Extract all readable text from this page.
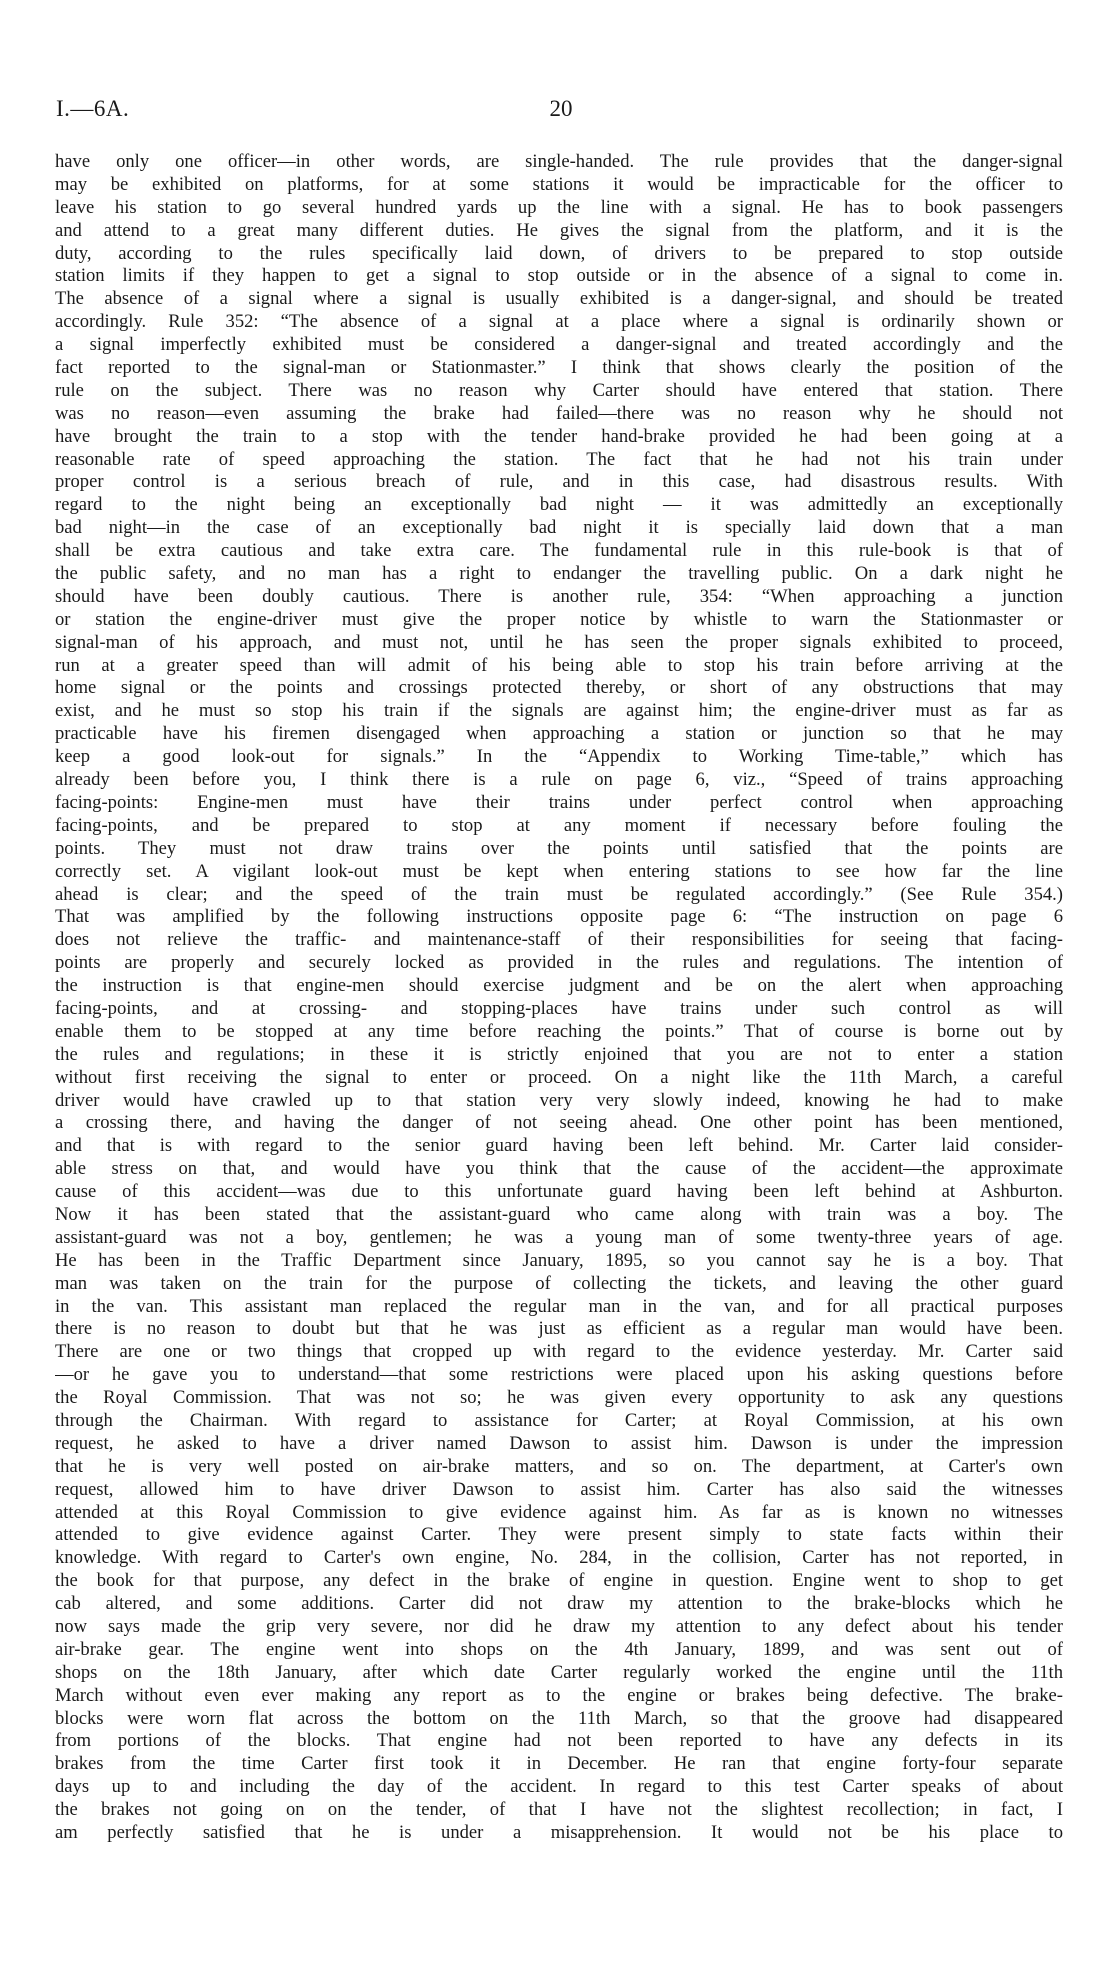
I.—6A.	20
have only one officer—in other words, are single-handed. The rule provides that the danger-signal
may be exhibited on platforms, for at some stations it would be impracticable for the officer to
leave his station to go several hundred yards up the line with a signal. He has to book passengers
and attend to a great many different duties. He gives the signal from the platform, and it is the
duty, according to the rules specifically laid down, of drivers to be prepared to stop outside
station limits if they happen to get a signal to stop outside or in the absence of a signal to come in.
The absence of a signal where a signal is usually exhibited is a danger-signal, and should be treated
accordingly. Rule 352: “The absence of a signal at a place where a signal is ordinarily shown or
a signal imperfectly exhibited must be considered a danger-signal and treated accordingly and the
fact reported to the signal-man or Stationmaster.” I think that shows clearly the position of the
rule on the subject. There was no reason why Carter should have entered that station. There
was no reason—even assuming the brake had failed—there was no reason why he should not
have brought the train to a stop with the tender hand-brake provided he had been going at a
reasonable rate of speed approaching the station. The fact that he had not his train under
proper control is a serious breach of rule, and in this case, had disastrous results. With
regard to the night being an exceptionally bad night — it was admittedly an exceptionally
bad night—in the case of an exceptionally bad night it is specially laid down that a man
shall be extra cautious and take extra care. The fundamental rule in this rule-book is that of
the public safety, and no man has a right to endanger the travelling public. On a dark night he
should have been doubly cautious. There is another rule, 354: “When approaching a junction
or station the engine-driver must give the proper notice by whistle to warn the Stationmaster or
signal-man of his approach, and must not, until he has seen the proper signals exhibited to proceed,
run at a greater speed than will admit of his being able to stop his train before arriving at the
home signal or the points and crossings protected thereby, or short of any obstructions that may
exist, and he must so stop his train if the signals are against him; the engine-driver must as far as
practicable have his firemen disengaged when approaching a station or junction so that he may
keep a good look-out for signals.” In the “Appendix to Working Time-table,” which has
already been before you, I think there is a rule on page 6, viz., “Speed of trains approaching
facing-points: Engine-men must have their trains under perfect control when approaching
facing-points, and be prepared to stop at any moment if necessary before fouling the
points. They must not draw trains over the points until satisfied that the points are
correctly set. A vigilant look-out must be kept when entering stations to see how far the line
ahead is clear; and the speed of the train must be regulated accordingly.” (See Rule 354.)
That was amplified by the following instructions opposite page 6: “The instruction on page 6
does not relieve the traffic- and maintenance-staff of their responsibilities for seeing that facing-
points are properly and securely locked as provided in the rules and regulations. The intention of
the instruction is that engine-men should exercise judgment and be on the alert when approaching
facing-points, and at crossing- and stopping-places have trains under such control as will
enable them to be stopped at any time before reaching the points.” That of course is borne out by
the rules and regulations; in these it is strictly enjoined that you are not to enter a station
without first receiving the signal to enter or proceed. On a night like the 11th March, a careful
driver would have crawled up to that station very very slowly indeed, knowing he had to make
a crossing there, and having the danger of not seeing ahead. One other point has been mentioned,
and that is with regard to the senior guard having been left behind. Mr. Carter laid consider-
able stress on that, and would have you think that the cause of the accident—the approximate
cause of this accident—was due to this unfortunate guard having been left behind at Ashburton.
Now it has been stated that the assistant-guard who came along with train was a boy. The
assistant-guard was not a boy, gentlemen; he was a young man of some twenty-three years of age.
He has been in the Traffic Department since January, 1895, so you cannot say he is a boy. That
man was taken on the train for the purpose of collecting the tickets, and leaving the other guard
in the van. This assistant man replaced the regular man in the van, and for all practical purposes
there is no reason to doubt but that he was just as efficient as a regular man would have been.
There are one or two things that cropped up with regard to the evidence yesterday. Mr. Carter said
—or he gave you to understand—that some restrictions were placed upon his asking questions before
the Royal Commission. That was not so; he was given every opportunity to ask any questions
through the Chairman. With regard to assistance for Carter; at Royal Commission, at his own
request, he asked to have a driver named Dawson to assist him. Dawson is under the impression
that he is very well posted on air-brake matters, and so on. The department, at Carter's own
request, allowed him to have driver Dawson to assist him. Carter has also said the witnesses
attended at this Royal Commission to give evidence against him. As far as is known no witnesses
attended to give evidence against Carter. They were present simply to state facts within their
knowledge. With regard to Carter's own engine, No. 284, in the collision, Carter has not reported, in
the book for that purpose, any defect in the brake of engine in question. Engine went to shop to get
cab altered, and some additions. Carter did not draw my attention to the brake-blocks which he
now says made the grip very severe, nor did he draw my attention to any defect about his tender
air-brake gear. The engine went into shops on the 4th January, 1899, and was sent out of
shops on the 18th January, after which date Carter regularly worked the engine until the 11th
March without even ever making any report as to the engine or brakes being defective. The brake-
blocks were worn flat across the bottom on the 11th March, so that the groove had disappeared
from portions of the blocks. That engine had not been reported to have any defects in its
brakes from the time Carter first took it in December. He ran that engine forty-four separate
days up to and including the day of the accident. In regard to this test Carter speaks of about
the brakes not going on on the tender, of that I have not the slightest recollection; in fact, I
am perfectly satisfied that he is under a misapprehension. It would not be his place to
